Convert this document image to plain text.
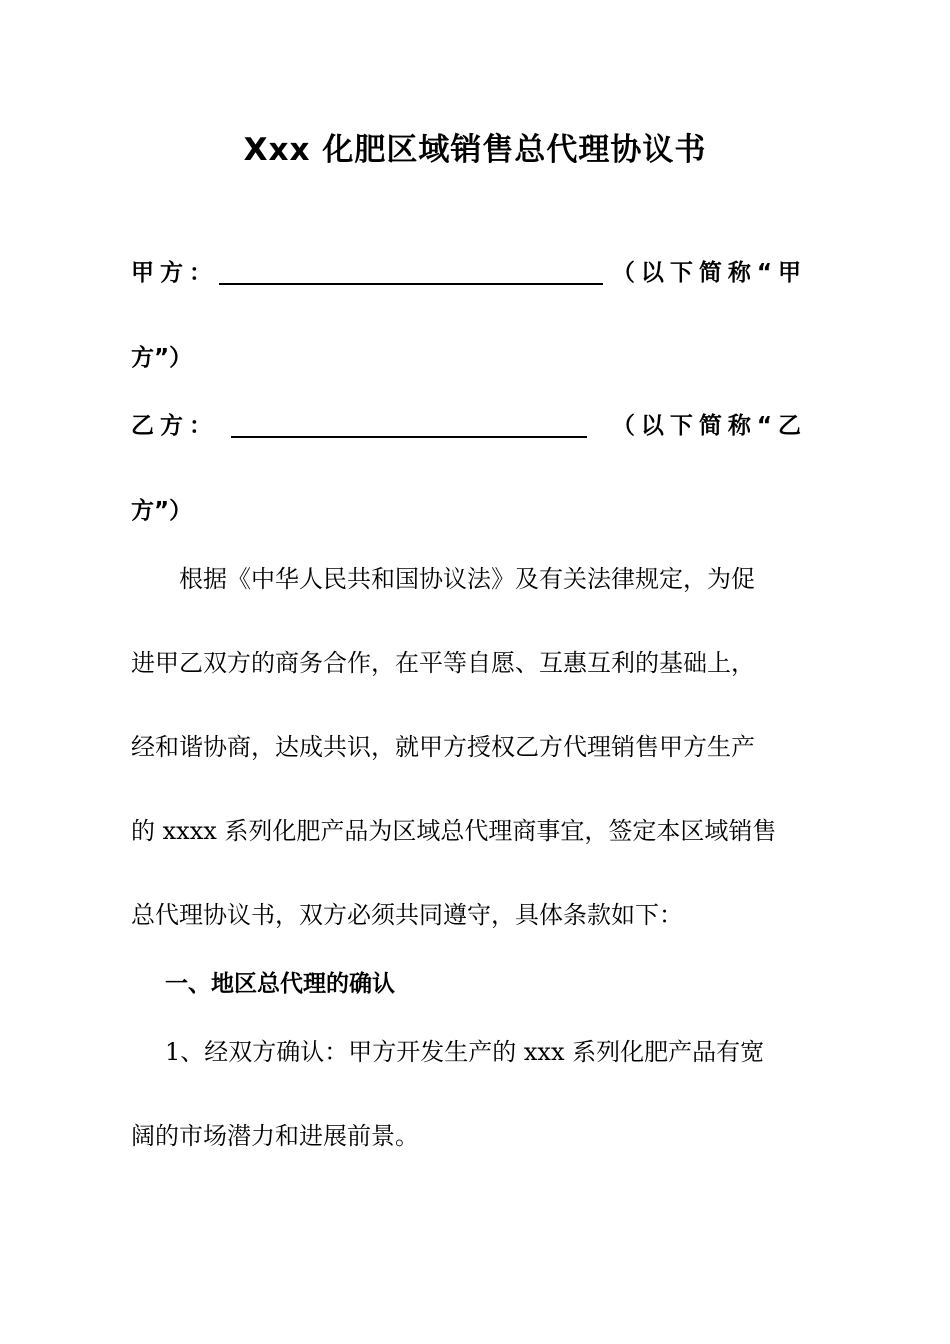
Xxx 化肥区域销售总代理协议书
甲方：	（以下简称“甲
方”）
乙方：	（以下简称“乙
方”）
根据《中华人民共和国协议法》及有关法律规定，为促
进甲乙双方的商务合作，在平等自愿、互惠互利的基础上，
经和谐协商，达成共识，就甲方授权乙方代理销售甲方生产
的 xxxx 系列化肥产品为区域总代理商事宜，签定本区域销售
总代理协议书，双方必须共同遵守，具体条款如下：
一、地区总代理的确认
1、经双方确认：甲方开发生产的 xxx 系列化肥产品有宽
阔的市场潜力和进展前景。
